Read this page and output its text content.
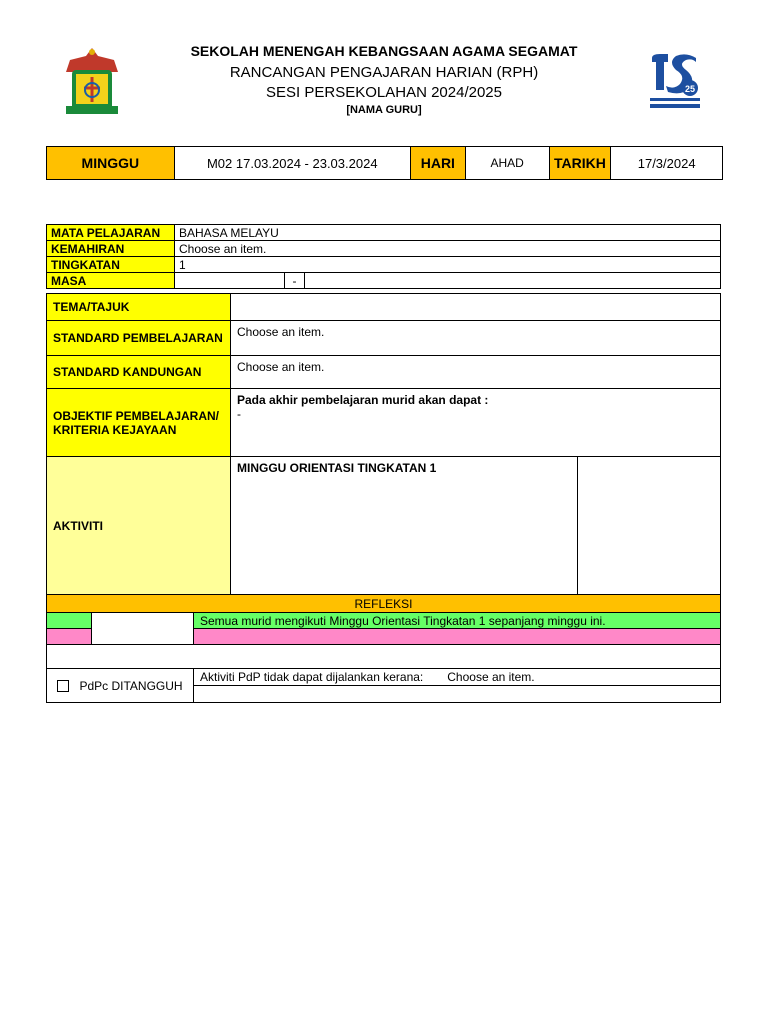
25
SEKOLAH MENENGAH KEBANGSAAN AGAMA SEGAMAT
RANCANGAN PENGAJARAN HARIAN (RPH)
SESI PERSEKOLAHAN 2024/2025
[NAMA GURU]
MINGGU	M02 17.03.2024 - 23.03.2024	HARI	AHAD	TARIKH	17/3/2024
MATA PELAJARAN	BAHASA MELAYU		
KEMAHIRAN	Choose an item.		
TINGKATAN	1		
MASA		-	
TEMA/TAJUK		
STANDARD PEMBELAJARAN	Choose an item.	
STANDARD KANDUNGAN	Choose an item.	
OBJEKTIF PEMBELAJARAN/ KRITERIA KEJAYAAN	Pada akhir pembelajaran murid akan dapat :
-	

AKTIVITI	MINGGU ORIENTASI TINGKATAN 1	
REFLEKSI		
		Semua murid mengikuti Minggu Orientasi Tingkatan 1 sepanjang minggu ini.

PdPc DITANGGUH		Aktiviti PdP tidak dapat dijalankan kerana: Choose an item.
